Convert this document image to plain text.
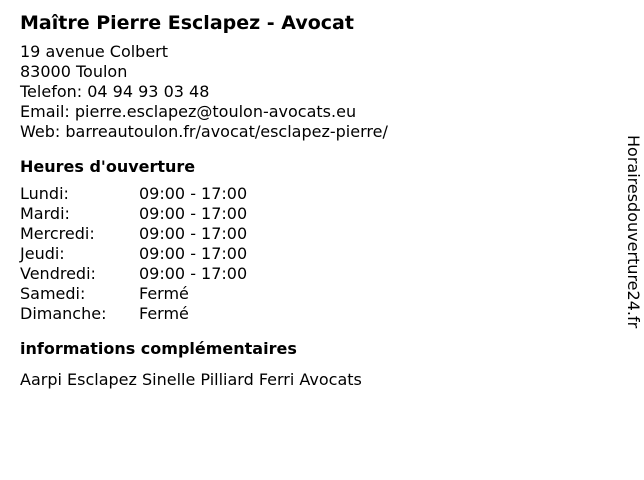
Maître Pierre Esclapez - Avocat
19 avenue Colbert
83000 Toulon
Telefon: 04 94 93 03 48
Email: pierre.esclapez@toulon-avocats.eu
Web: barreautoulon.fr/avocat/esclapez-pierre/
Heures d'ouverture
Lundi:	09:00 - 17:00
Mardi:	09:00 - 17:00
Mercredi:	09:00 - 17:00
Jeudi:	09:00 - 17:00
Vendredi:	09:00 - 17:00
Samedi:	Fermé
Dimanche:	Fermé
informations complémentaires
Aarpi Esclapez Sinelle Pilliard Ferri Avocats
Horairesdouverture24.fr
